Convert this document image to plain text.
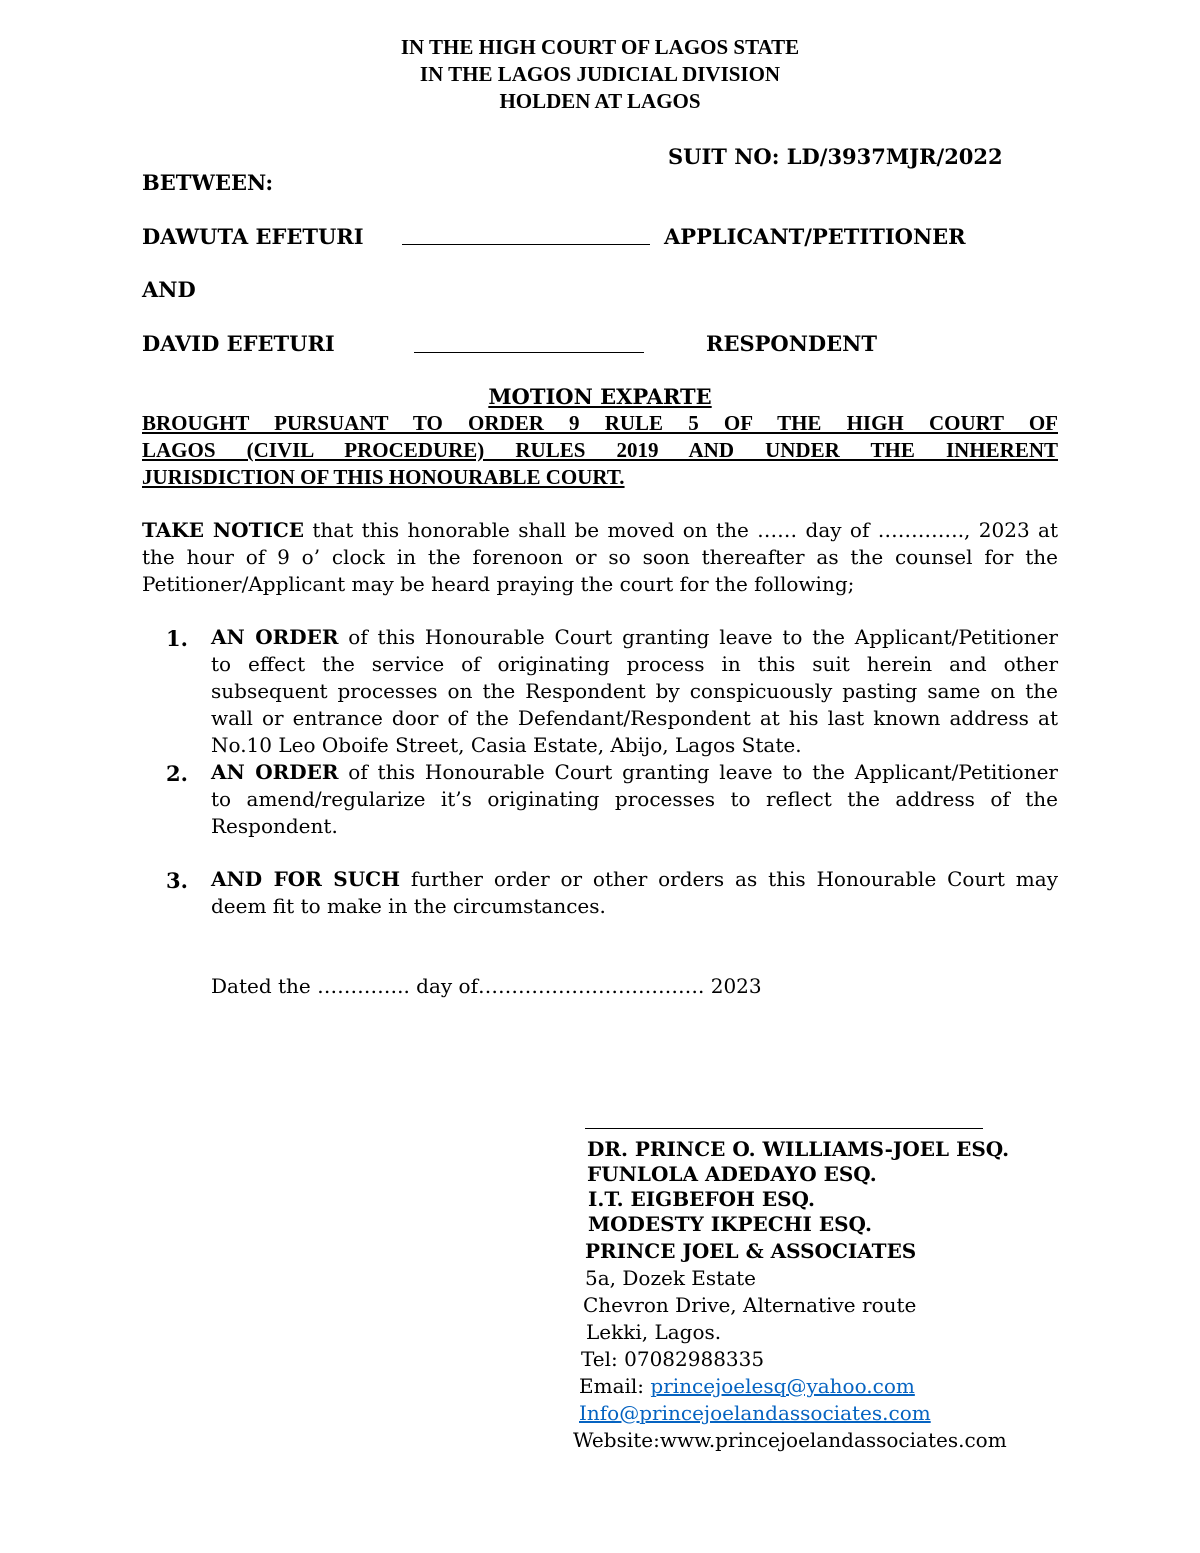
IN THE HIGH COURT OF LAGOS STATE
IN THE LAGOS JUDICIAL DIVISION
HOLDEN AT LAGOS
SUIT NO: LD/3937MJR/2022
BETWEEN:
DAWUTA EFETURI	APPLICANT/PETITIONER
AND
DAVID EFETURI	RESPONDENT
MOTION EXPARTE
BROUGHT PURSUANT TO ORDER 9 RULE 5 OF THE HIGH COURT OF
LAGOS (CIVIL PROCEDURE) RULES 2019 AND UNDER THE INHERENT
JURISDICTION OF THIS HONOURABLE COURT.
TAKE NOTICE that this honorable shall be moved on the …… day of …………., 2023 at
the hour of 9 o’ clock in the forenoon or so soon thereafter as the counsel for the
Petitioner/Applicant may be heard praying the court for the following;
1. AN ORDER of this Honourable Court granting leave to the Applicant/Petitioner
to effect the service of originating process in this suit herein and other
subsequent processes on the Respondent by conspicuously pasting same on the
wall or entrance door of the Defendant/Respondent at his last known address at
No.10 Leo Oboife Street, Casia Estate, Abijo, Lagos State.
2. AN ORDER of this Honourable Court granting leave to the Applicant/Petitioner
to amend/regularize it’s originating processes to reflect the address of the
Respondent.
3. AND FOR SUCH further order or other orders as this Honourable Court may
deem fit to make in the circumstances.
Dated the ………….. day of……………………………. 2023
DR. PRINCE O. WILLIAMS-JOEL ESQ.
FUNLOLA ADEDAYO ESQ.
I.T. EIGBEFOH ESQ.
MODESTY IKPECHI ESQ.
PRINCE JOEL & ASSOCIATES
5a, Dozek Estate
Chevron Drive, Alternative route
Lekki, Lagos.
Tel: 07082988335
Email: princejoelesq@yahoo.com
Info@princejoelandassociates.com
Website:www.princejoelandassociates.com
